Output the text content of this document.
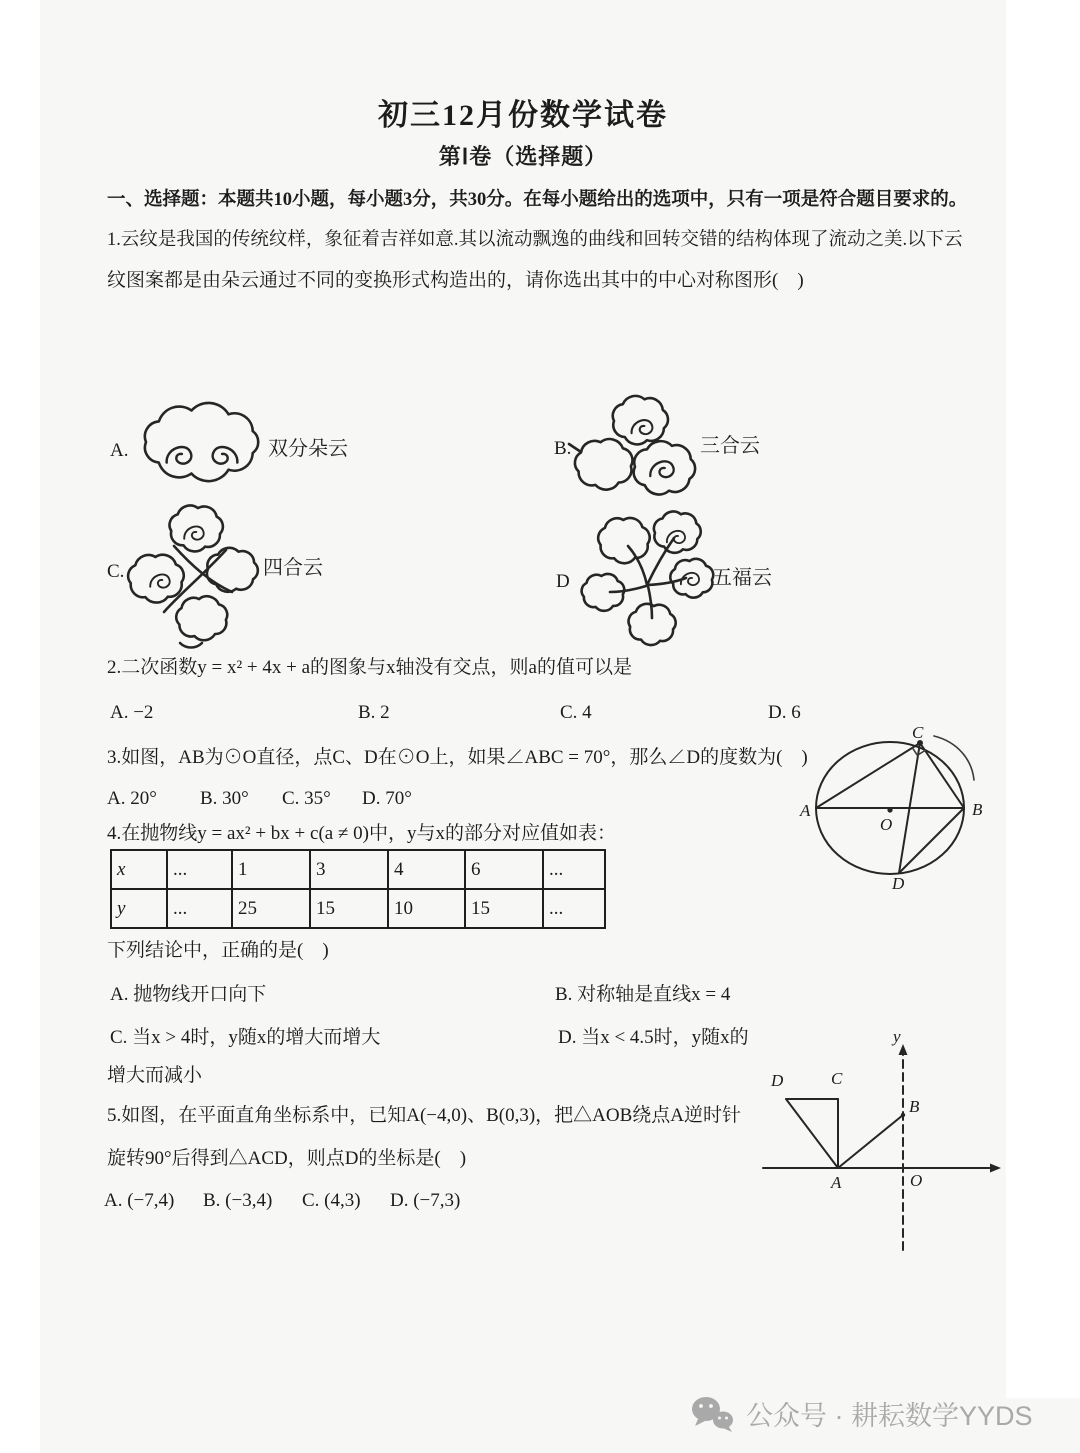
初三12月份数学试卷
第Ⅰ卷（选择题）
一、选择题：本题共10小题，每小题3分，共30分。在每小题给出的选项中，只有一项是符合题目要求的。
1.云纹是我国的传统纹样，象征着吉祥如意.其以流动飘逸的曲线和回转交错的结构体现了流动之美.以下云
纹图案都是由朵云通过不同的变换形式构造出的，请你选出其中的中心对称图形(　)
A.	双分朵云	B.	三合云
C.	四合云
D	五福云
2.二次函数y = x² + 4x + a的图象与x轴没有交点，则a的值可以是
A. −2	B. 2	C. 4	D. 6
3.如图，AB为⊙O直径，点C、D在⊙O上，如果∠ABC = 70°，那么∠D的度数为(　)
A. 20° B. 30° C. 35° D. 70°
A	B
C
D
O
4.在抛物线y = ax² + bx + c(a ≠ 0)中，y与x的部分对应值如表：
x	...	1	3	4	6	...
y	...	25	15	10	15	...
下列结论中，正确的是(　)
A. 抛物线开口向下	B. 对称轴是直线x = 4
C. 当x > 4时，y随x的增大而增大	D. 当x < 4.5时，y随x的
增大而减小
5.如图，在平面直角坐标系中，已知A(−4,0)、B(0,3)，把△AOB绕点A逆时针
旋转90°后得到△ACD，则点D的坐标是(　)
A. (−7,4) B. (−3,4) C. (4,3) D. (−7,3)
y
O
A
B
C
D
公众号 · 耕耘数学YYDS
